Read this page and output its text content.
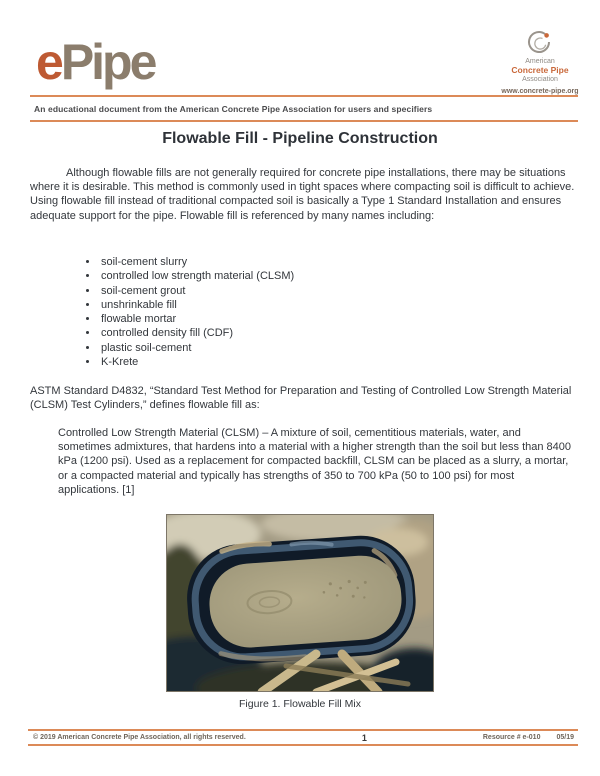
ePipe	American
Concrete Pipe
Association
www.concrete-pipe.org
An educational document from the American Concrete Pipe Association for users and specifiers
Flowable Fill - Pipeline Construction

Although flowable fills are not generally required for concrete pipe installations, there may be situations where it is desirable. This method is commonly used in tight spaces where compacting soil is difficult to achieve. Using flowable fill instead of traditional compacted soil is basically a Type 1 Standard Installation and ensures adequate support for the pipe. Flowable fill is referenced by many names including:

• soil-cement slurry
• controlled low strength material (CLSM)
• soil-cement grout
• unshrinkable fill
• flowable mortar
• controlled density fill (CDF)
• plastic soil-cement
• K-Krete

ASTM Standard D4832, “Standard Test Method for Preparation and Testing of Controlled Low Strength Material (CLSM) Test Cylinders,” defines flowable fill as:

Controlled Low Strength Material (CLSM) – A mixture of soil, cementitious materials, water, and sometimes admixtures, that hardens into a material with a higher strength than the soil but less than 8400 kPa (1200 psi). Used as a replacement for compacted backfill, CLSM can be placed as a slurry, a mortar, or a compacted material and typically has strengths of 350 to 700 kPa (50 to 100 psi) for most applications. [1]

Figure 1. Flowable Fill Mix
© 2019 American Concrete Pipe Association, all rights reserved.	1	Resource # e-010 05/19
